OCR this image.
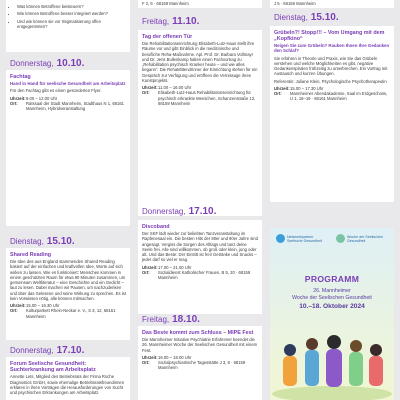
• Was können Betroffene beisteuern?
• Wie können Betroffene besser integriert werden?
• Und wie können sie vor Stigmatisierung offen entgegentreten?
Donnerstag, 10.10.
Fachtag
Hand in Hand für seelische Gesundheit am Arbeitsplatz
Für den Fachtag gibt es einen gesonderten Flyer.
Uhrzeit: 9.00 – 12.00 Uhr
Ort:	Ratssaal der Stadt Mannheim, Stadthaus N 1, 68161 Mannheim, Hybridveranstaltung
Dienstag, 15.10.
Shared Reading
Die Idee des aus England stammenden Shared Reading basiert auf der einfachen und kraftvollen Idee, Worte auf sich wirken zu lassen. Wie es funktioniert: Menschen kommen in einem geschützten Raum für etwa 90 Minuten zusammen, um gemeinsam Weltliteratur – eine Geschichte und ein Gedicht – laut zu lesen. Dabei machen wir Pausen, um nachzudenken und über das Gelesene und seine Wirkung zu sprechen. Es ist kein Vorwissen nötig, alle können mitmachen.
Uhrzeit: 15.00 – 16.30 Uhr
Ort:	Kulturparkett Rhein-Neckar e. V., S 3, 12, 68161 Mannheim
Donnerstag, 17.10.
Forum Seelische Gesundheit: Suchterkrankung am Arbeitsplatz
Annette Lets, Mitglied des Betriebsrats der Firma Roche Diagnostics GmbH, sowie ehemalige Betriebsratsfreundinnen erklären in ihren Vorträgen die Herausforderungen von Sucht und psychischen Erkrankungen am Arbeitsplatz.
F 2, 6 · 68159 Mannheim
Freitag, 11.10.
Tag der offenen Tür
Die Rehabilitationseinrichtung Elisabeth-Lutz-Haus stellt ihre Räume vor und gibt Einblick in die medizinische und berufliche Reha-Maßnahme. Apl. Prof. Dr. Barbara Vollmayr und Dr. Jens Bullenkamp halten einen Fachvortrag zu „Rehabilitation psychisch Kranker heute – und wie alles begann“. Die RehaMittendrinner der Einrichtung stehen für ein Gespräch zur Verfügung und eröffnen die Vernissage ihres Kunstprojekts.
Uhrzeit: 11.00 – 16.00 Uhr
Ort:	Elisabeth-Lutz-Haus Rehabilitationseinrichtung für psychisch erkrankte Menschen, Schanzenstraße 13, 68159 Mannheim
Donnerstag, 17.10.
Discoband
Der SKF lädt wieder zur beliebten Tanzveranstaltung im Rapfenesaal ein. Die besten Hits der 80er und 90er Jahre sind angesagt. Vergiss die Sorgen des Alltags und tanz deine Seele frei. Alle sind willkommen, ob groß oder klein, jung oder alt. Und das Beste: Der Eintritt ist frei! Getränke und Snacks – jeder darf so viel er mag.
Uhrzeit: 17.00 – 21.00 Uhr
Ort:	Sozialdienst Katholischer Frauen, B 5, 20 · 68159 Mannheim
Freitag, 18.10.
Das Beste kommt zum Schluss – MIPE Fest
Die Mannheimer Initiative Psychiatrie Erfahrener beendet die 26. Mannheimer Woche der Seelischen Gesundheit mit einem Fest.
Uhrzeit: 16.00 – 18.00 Uhr
Ort:	Sozialpsychiatrische Tagesstätte J 3, 8 · 68159 Mannheim
J 5 · 68159 Mannheim
Dienstag, 15.10.
Grübeln?! Stopp!!! – Vom Umgang mit dem „Kopfkino“
Neigen Sie zum Grübeln? Rauben Ihnen Ihre Gedanken den Schlaf?
Sie erfahren in Theorie und Praxis, wie Sie das Grübeln verstehen und welche Möglichkeiten es gibt, negative Gedankenspiralen frühzeitig zu unterbrechen. Ein Vortrag mit Austausch und kurzen Übungen.
Referentin: Juliane Klein, Psychologische Psychotherapeutin
Uhrzeit: 15.00 – 17.30 Uhr
Ort:	Mannheimer Abendakademie, Saal im Erdgeschoss, U 1, 16–19 · 68161 Mannheim
Netzwerkpartner Seelische Gesundheit
Woche der Seelischen Gesundheit
PROGRAMM
26. Mannheimer
Woche der Seelischen Gesundheit
10.–18. Oktober 2024
